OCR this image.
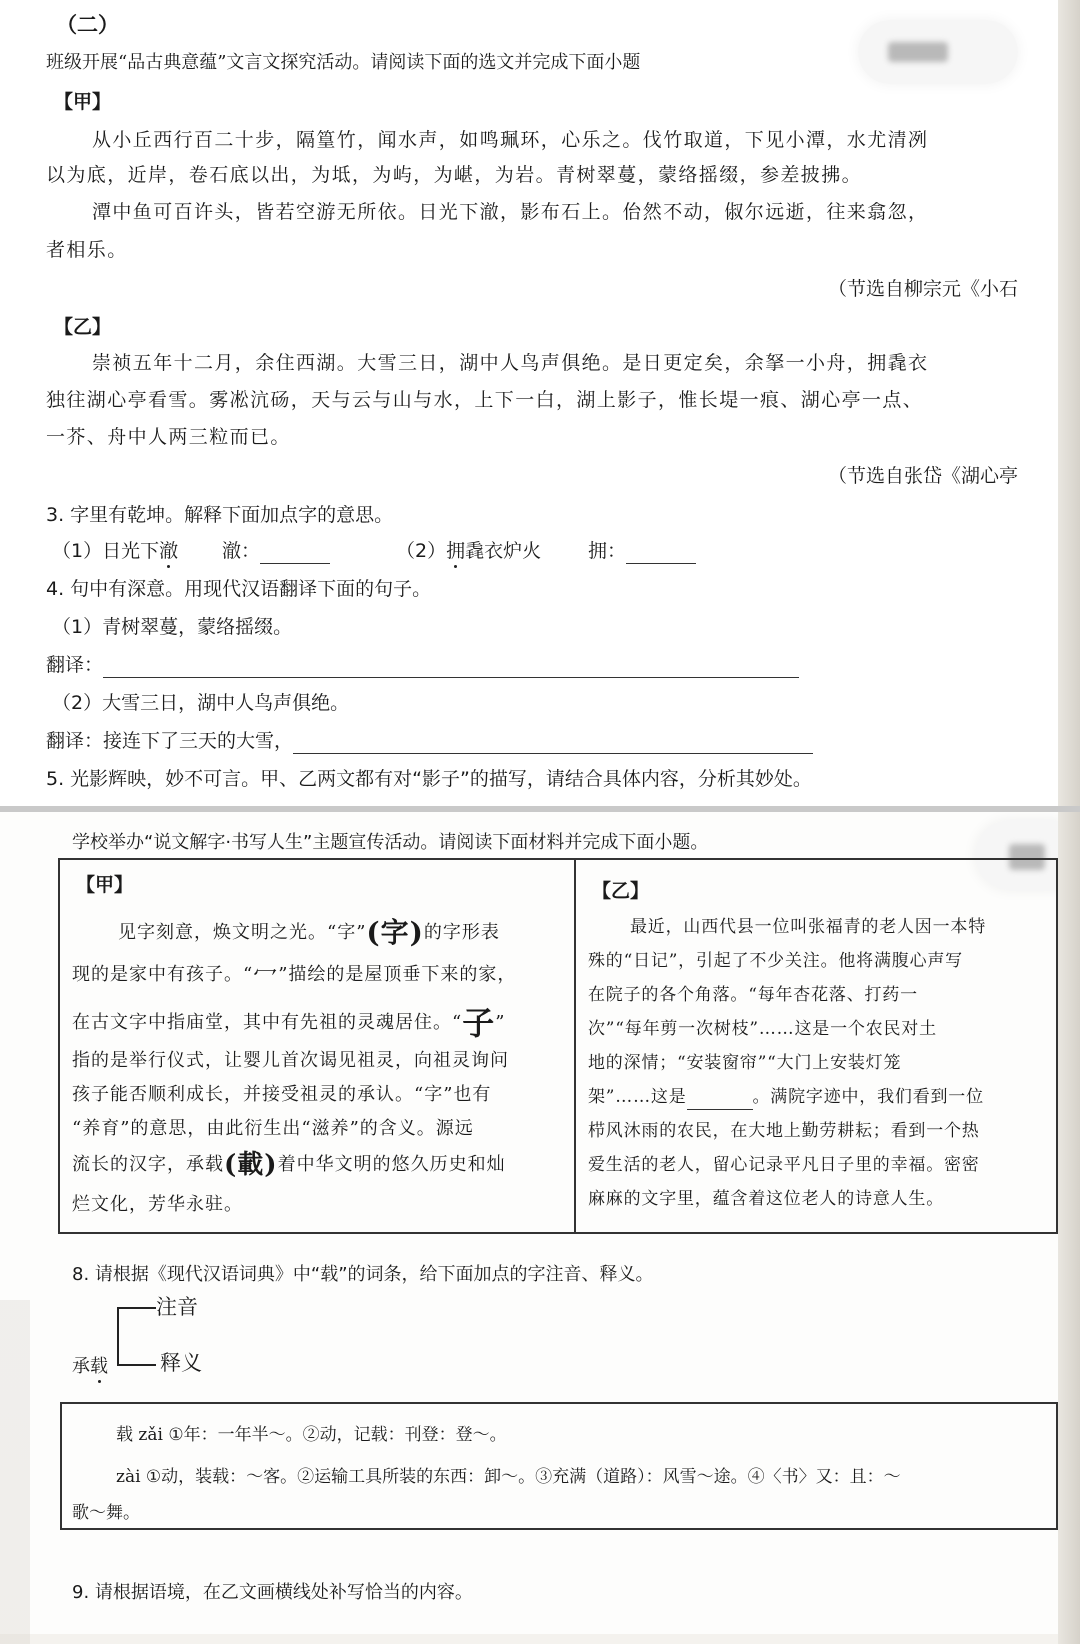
（二）
班级开展“品古典意蕴”文言文探究活动。请阅读下面的选文并完成下面小题
【甲】
从小丘西行百二十步，隔篁竹，闻水声，如鸣珮环，心乐之。伐竹取道，下见小潭，水尤清冽
以为底，近岸，卷石底以出，为坻，为屿，为嵁，为岩。青树翠蔓，蒙络摇缀，参差披拂。
潭中鱼可百许头，皆若空游无所依。日光下澈，影布石上。佁然不动，俶尔远逝，往来翕忽，
者相乐。
（节选自柳宗元《小石
【乙】
崇祯五年十二月，余住西湖。大雪三日，湖中人鸟声俱绝。是日更定矣，余拏一小舟，拥毳衣
独往湖心亭看雪。雾凇沆砀，天与云与山与水，上下一白，湖上影子，惟长堤一痕、湖心亭一点、
一芥、舟中人两三粒而已。
（节选自张岱《湖心亭
3. 字里有乾坤。解释下面加点字的意思。
（1）日光下澈 澈：	（2）拥毳衣炉火 拥：
4. 句中有深意。用现代汉语翻译下面的句子。
（1）青树翠蔓，蒙络摇缀。
翻译：
（2）大雪三日，湖中人鸟声俱绝。
翻译：接连下了三天的大雪，
5. 光影辉映，妙不可言。甲、乙两文都有对“影子”的描写，请结合具体内容，分析其妙处。
学校举办“说文解字·书写人生”主题宣传活动。请阅读下面材料并完成下面小题。
【甲】
见字刻意，焕文明之光。“字”(字)的字形表
现的是家中有孩子。“冖”描绘的是屋顶垂下来的家，
在古文字中指庙堂，其中有先祖的灵魂居住。“子”
指的是举行仪式，让婴儿首次谒见祖灵，向祖灵询问
孩子能否顺利成长，并接受祖灵的承认。“字”也有
“养育”的意思，由此衍生出“滋养”的含义。源远
流长的汉字，承载(載)着中华文明的悠久历史和灿
烂文化，芳华永驻。
【乙】
最近，山西代县一位叫张福青的老人因一本特
殊的“日记”，引起了不少关注。他将满腹心声写
在院子的各个角落。“每年杏花落、打药一
次”“每年剪一次树枝”……这是一个农民对土
地的深情；“安装窗帘”“大门上安装灯笼
架”……这是	。满院字迹中，我们看到一位
栉风沐雨的农民，在大地上勤劳耕耘；看到一个热
爱生活的老人，留心记录平凡日子里的幸福。密密
麻麻的文字里，蕴含着这位老人的诗意人生。
8. 请根据《现代汉语词典》中“载”的词条，给下面加点的字注音、释义。
注音
释义
承载
载 zǎi ①年：一年半～。②动，记载：刊登：登～。
zài ①动，装载：～客。②运输工具所装的东西：卸～。③充满（道路）：风雪～途。④〈书〉又：且：～
歌～舞。
9. 请根据语境，在乙文画横线处补写恰当的内容。
